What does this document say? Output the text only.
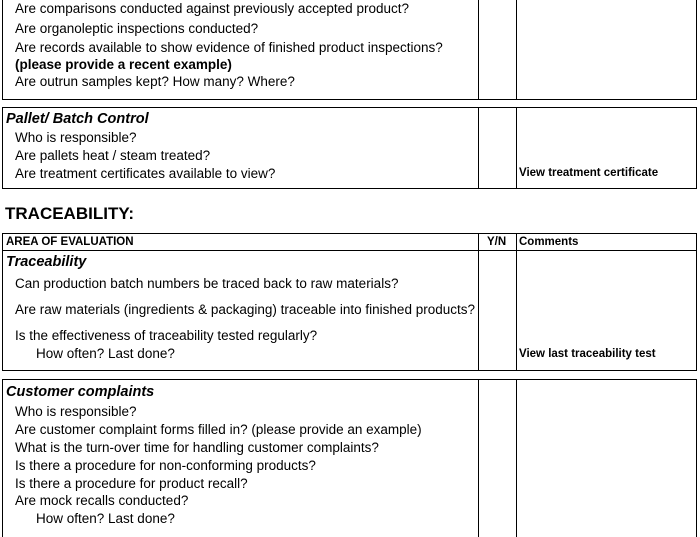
Are comparisons conducted against previously accepted product?
Are organoleptic inspections conducted?
Are records available to show evidence of finished product inspections?
(please provide a recent example)
Are outrun samples kept? How many? Where?
Pallet/ Batch Control
Who is responsible?
Are pallets heat / steam treated?
Are treatment certificates available to view?	View treatment certificate
TRACEABILITY:
AREA OF EVALUATION	Y/N Comments
Traceability
Can production batch numbers be traced back to raw materials?
Are raw materials (ingredients & packaging) traceable into finished products?
Is the effectiveness of traceability tested regularly?
How often? Last done?	View last traceability test
Customer complaints
Who is responsible?
Are customer complaint forms filled in? (please provide an example)
What is the turn-over time for handling customer complaints?
Is there a procedure for non-conforming products?
Is there a procedure for product recall?
Are mock recalls conducted?
How often? Last done?
